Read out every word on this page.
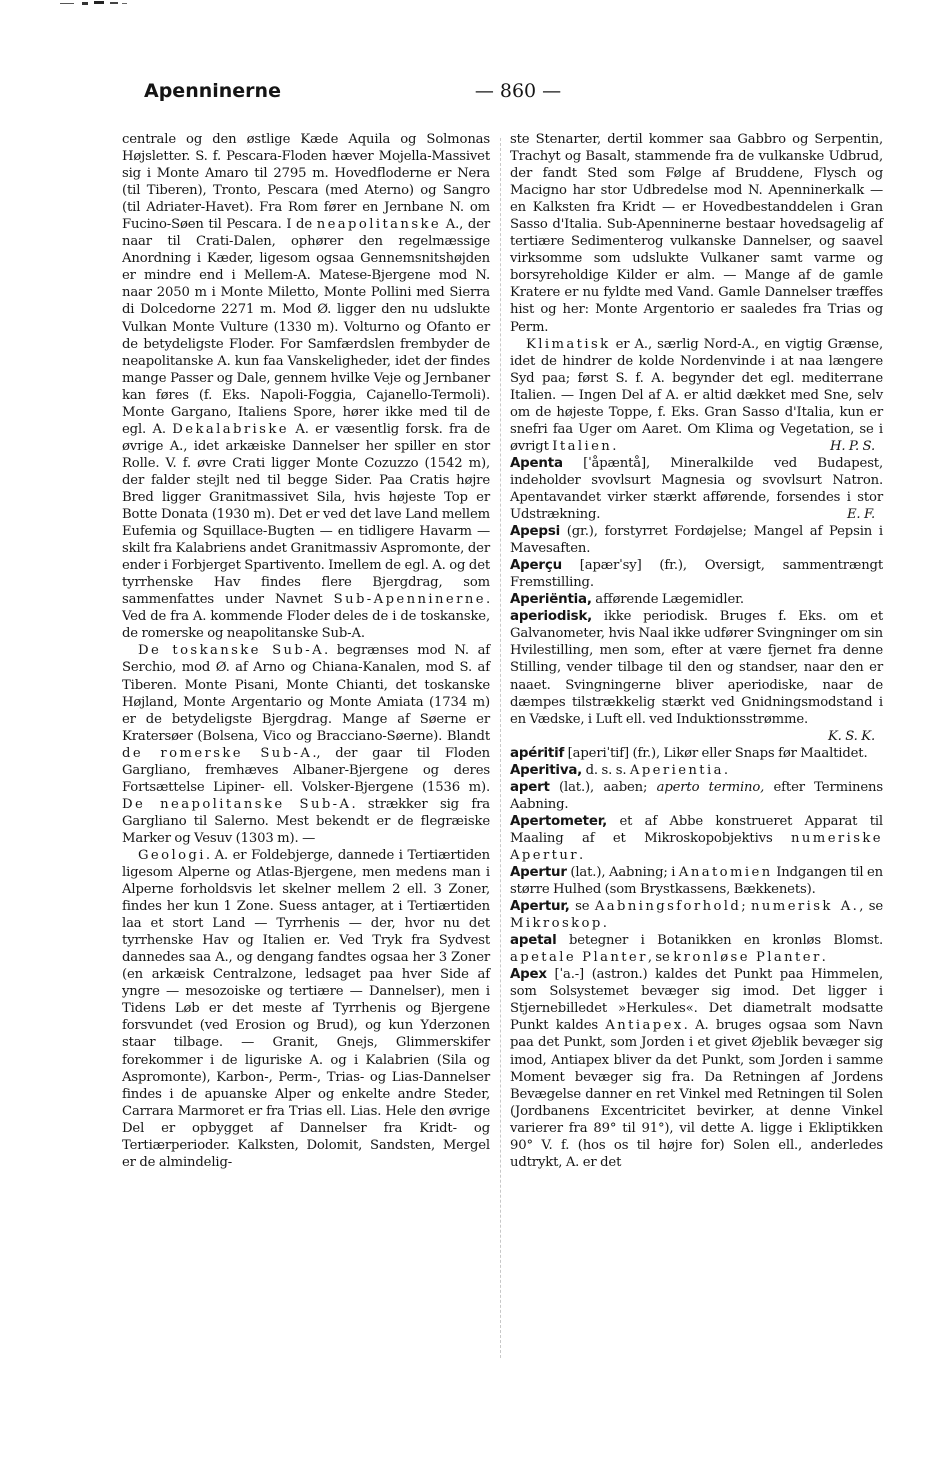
Apenninerne	— 860 —

centrale og den østlige Kæde Aquila og Solmonas Højsletter. S. f. Pescara-Floden hæver Mojella-Massivet sig i Monte Amaro til 2795 m. Hovedfloderne er Nera (til Tiberen), Tronto, Pescara (med Aterno) og Sangro (til Adriater-Havet). Fra Rom fører en Jernbane N. om Fucino-Søen til Pescara. I de neapolitanske A., der naar til Crati-Dalen, ophører den regelmæssige Anordning i Kæder, ligesom ogsaa Gennemsnitshøjden er mindre end i Mellem-A. Matese-Bjergene mod N. naar 2050 m i Monte Miletto, Monte Pollini med Sierra di Dolcedorne 2271 m. Mod Ø. ligger den nu udslukte Vulkan Monte Vulture (1330 m). Volturno og Ofanto er de betydeligste Floder. For Samfærdslen frembyder de neapolitanske A. kun faa Vanskeligheder, idet der findes mange Passer og Dale, gennem hvilke Veje og Jernbaner kan føres (f. Eks. Napoli-Foggia, Cajanello-Termoli). Monte Gargano, Italiens Spore, hører ikke med til de egl. A. Dekalabriske A. er væsentlig forsk. fra de øvrige A., idet arkæiske Dannelser her spiller en stor Rolle. V. f. øvre Crati ligger Monte Cozuzzo (1542 m), der falder stejlt ned til begge Sider. Paa Cratis højre Bred ligger Granitmassivet Sila, hvis højeste Top er Botte Donata (1930 m). Det er ved det lave Land mellem Eufemia og Squillace-Bugten — en tidligere Havarm — skilt fra Kalabriens andet Granitmassiv Aspromonte, der ender i Forbjerget Spartivento. Imellem de egl. A. og det tyrrhenske Hav findes flere Bjergdrag, som sammenfattes under Navnet Sub-Apenninerne. Ved de fra A. kommende Floder deles de i de toskanske, de romerske og neapolitanske Sub-A.

De toskanske Sub-A. begrænses mod N. af Serchio, mod Ø. af Arno og Chiana-Kanalen, mod S. af Tiberen. Monte Pisani, Monte Chianti, det toskanske Højland, Monte Argentario og Monte Amiata (1734 m) er de betydeligste Bjergdrag. Mange af Søerne er Kratersøer (Bolsena, Vico og Bracciano-Søerne). Blandt de romerske Sub-A., der gaar til Floden Gargliano, fremhæves Albaner-Bjergene og deres Fortsættelse Lipiner- ell. Volsker-Bjergene (1536 m). De neapolitanske Sub-A. strækker sig fra Gargliano til Salerno. Mest bekendt er de flegræiske Marker og Vesuv (1303 m). —

Geologi. A. er Foldebjerge, dannede i Tertiærtiden ligesom Alperne og Atlas-Bjergene, men medens man i Alperne forholdsvis let skelner mellem 2 ell. 3 Zoner, findes her kun 1 Zone. Suess antager, at i Tertiærtiden laa et stort Land — Tyrrhenis — der, hvor nu det tyrrhenske Hav og Italien er. Ved Tryk fra Sydvest dannedes saa A., og dengang fandtes ogsaa her 3 Zoner (en arkæisk Centralzone, ledsaget paa hver Side af yngre — mesozoiske og tertiære — Dannelser), men i Tidens Løb er det meste af Tyrrhenis og Bjergene forsvundet (ved Erosion og Brud), og kun Yderzonen staar tilbage. — Granit, Gnejs, Glimmerskifer forekommer i de liguriske A. og i Kalabrien (Sila og Aspromonte), Karbon-, Perm-, Trias- og Lias-Dannelser findes i de apuanske Alper og enkelte andre Steder, Carrara Marmoret er fra Trias ell. Lias. Hele den øvrige Del er opbygget af Dannelser fra Kridt- og Tertiærperioder. Kalksten, Dolomit, Sandsten, Mergel er de almindelig-

ste Stenarter, dertil kommer saa Gabbro og Serpentin, Trachyt og Basalt, stammende fra de vulkanske Udbrud, der fandt Sted som Følge af Bruddene, Flysch og Macigno har stor Udbredelse mod N. Apenninerkalk — en Kalksten fra Kridt — er Hovedbestanddelen i Gran Sasso d'Italia. Sub-Apenninerne bestaar hovedsagelig af tertiære Sedimenterog vulkanske Dannelser, og saavel virksomme som udslukte Vulkaner samt varme og borsyreholdige Kilder er alm. — Mange af de gamle Kratere er nu fyldte med Vand. Gamle Dannelser træffes hist og her: Monte Argentorio er saaledes fra Trias og Perm.

Klimatisk er A., særlig Nord-A., en vigtig Grænse, idet de hindrer de kolde Nordenvinde i at naa længere Syd paa; først S. f. A. begynder det egl. mediterrane Italien. — Ingen Del af A. er altid dækket med Sne, selv om de højeste Toppe, f. Eks. Gran Sasso d'Italia, kun er snefri faa Uger om Aaret. Om Klima og Vegetation, se i øvrigt Italien.	H. P. S.

Apenta [ˈåpæntå], Mineralkilde ved Budapest, indeholder svovlsurt Magnesia og svovlsurt Natron. Apentavandet virker stærkt afførende, forsendes i stor Udstrækning.	E. F.

Apepsi (gr.), forstyrret Fordøjelse; Mangel af Pepsin i Mavesaften.

Aperçu [apærˈsy] (fr.), Oversigt, sammentrængt Fremstilling.

Aperiëntia, afførende Lægemidler.

aperiodisk, ikke periodisk. Bruges f. Eks. om et Galvanometer, hvis Naal ikke udfører Svingninger om sin Hvilestilling, men som, efter at være fjernet fra denne Stilling, vender tilbage til den og standser, naar den er naaet. Svingningerne bliver aperiodiske, naar de dæmpes tilstrækkelig stærkt ved Gnidningsmodstand i en Vædske, i Luft ell. ved Induktionsstrømme.
K. S. K.

apéritif [aperiˈtif] (fr.), Likør eller Snaps før Maaltidet.

Aperitiva, d. s. s. Aperientia.

apert (lat.), aaben; aperto termino, efter Terminens Aabning.

Apertometer, et af Abbe konstrueret Apparat til Maaling af et Mikroskopobjektivs numeriske Apertur.

Apertur (lat.), Aabning; i Anatomien Indgangen til en større Hulhed (som Brystkassens, Bækkenets).

Apertur, se Aabningsforhold; numerisk A., se Mikroskop.

apetal betegner i Botanikken en kronløs Blomst. apetale Planter, se kronløse Planter.

Apex [ˈa.-] (astron.) kaldes det Punkt paa Himmelen, som Solsystemet bevæger sig imod. Det ligger i Stjernebilledet »Herkules«. Det diametralt modsatte Punkt kaldes Antiapex. A. bruges ogsaa som Navn paa det Punkt, som Jorden i et givet Øjeblik bevæger sig imod, Antiapex bliver da det Punkt, som Jorden i samme Moment bevæger sig fra. Da Retningen af Jordens Bevægelse danner en ret Vinkel med Retningen til Solen (Jordbanens Excentricitet bevirker, at denne Vinkel varierer fra 89° til 91°), vil dette A. ligge i Ekliptikken 90° V. f. (hos os til højre for) Solen ell., anderledes udtrykt, A. er det
